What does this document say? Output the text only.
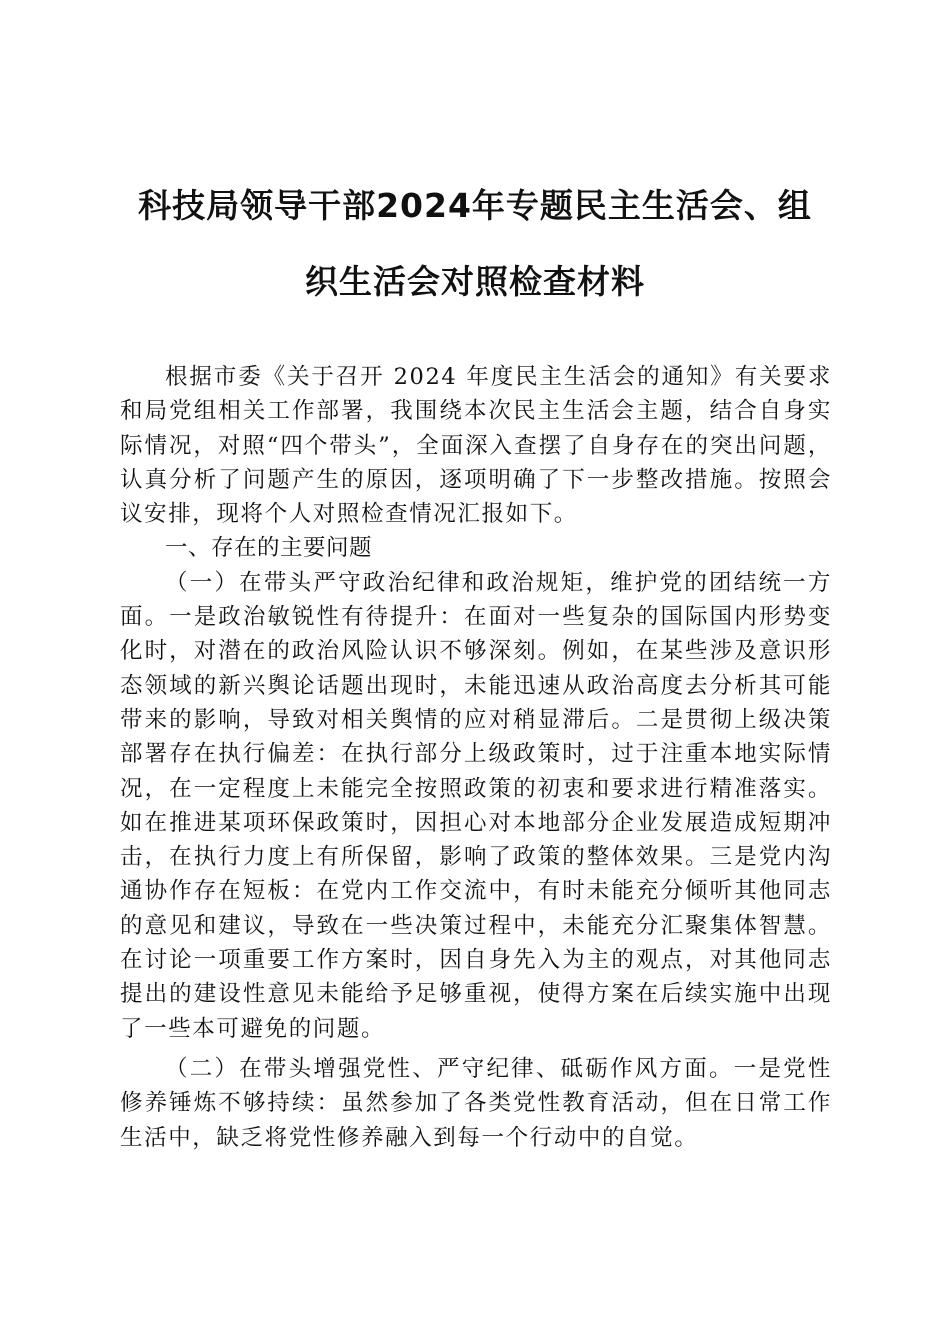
科技局领导干部2024年专题民主生活会、组
织生活会对照检查材料

根据市委《关于召开 2024 年度民主生活会的通知》有关要求和局党组相关工作部署，我围绕本次民主生活会主题，结合自身实际情况，对照“四个带头”，全面深入查摆了自身存在的突出问题，认真分析了问题产生的原因，逐项明确了下一步整改措施。按照会议安排，现将个人对照检查情况汇报如下。

一、存在的主要问题

（一）在带头严守政治纪律和政治规矩，维护党的团结统一方面。一是政治敏锐性有待提升：在面对一些复杂的国际国内形势变化时，对潜在的政治风险认识不够深刻。例如，在某些涉及意识形态领域的新兴舆论话题出现时，未能迅速从政治高度去分析其可能带来的影响，导致对相关舆情的应对稍显滞后。二是贯彻上级决策部署存在执行偏差：在执行部分上级政策时，过于注重本地实际情况，在一定程度上未能完全按照政策的初衷和要求进行精准落实。如在推进某项环保政策时，因担心对本地部分企业发展造成短期冲击，在执行力度上有所保留，影响了政策的整体效果。三是党内沟通协作存在短板：在党内工作交流中，有时未能充分倾听其他同志的意见和建议，导致在一些决策过程中，未能充分汇聚集体智慧。在讨论一项重要工作方案时，因自身先入为主的观点，对其他同志提出的建设性意见未能给予足够重视，使得方案在后续实施中出现了一些本可避免的问题。

（二）在带头增强党性、严守纪律、砥砺作风方面。一是党性修养锤炼不够持续：虽然参加了各类党性教育活动，但在日常工作生活中，缺乏将党性修养融入到每一个行动中的自觉。
